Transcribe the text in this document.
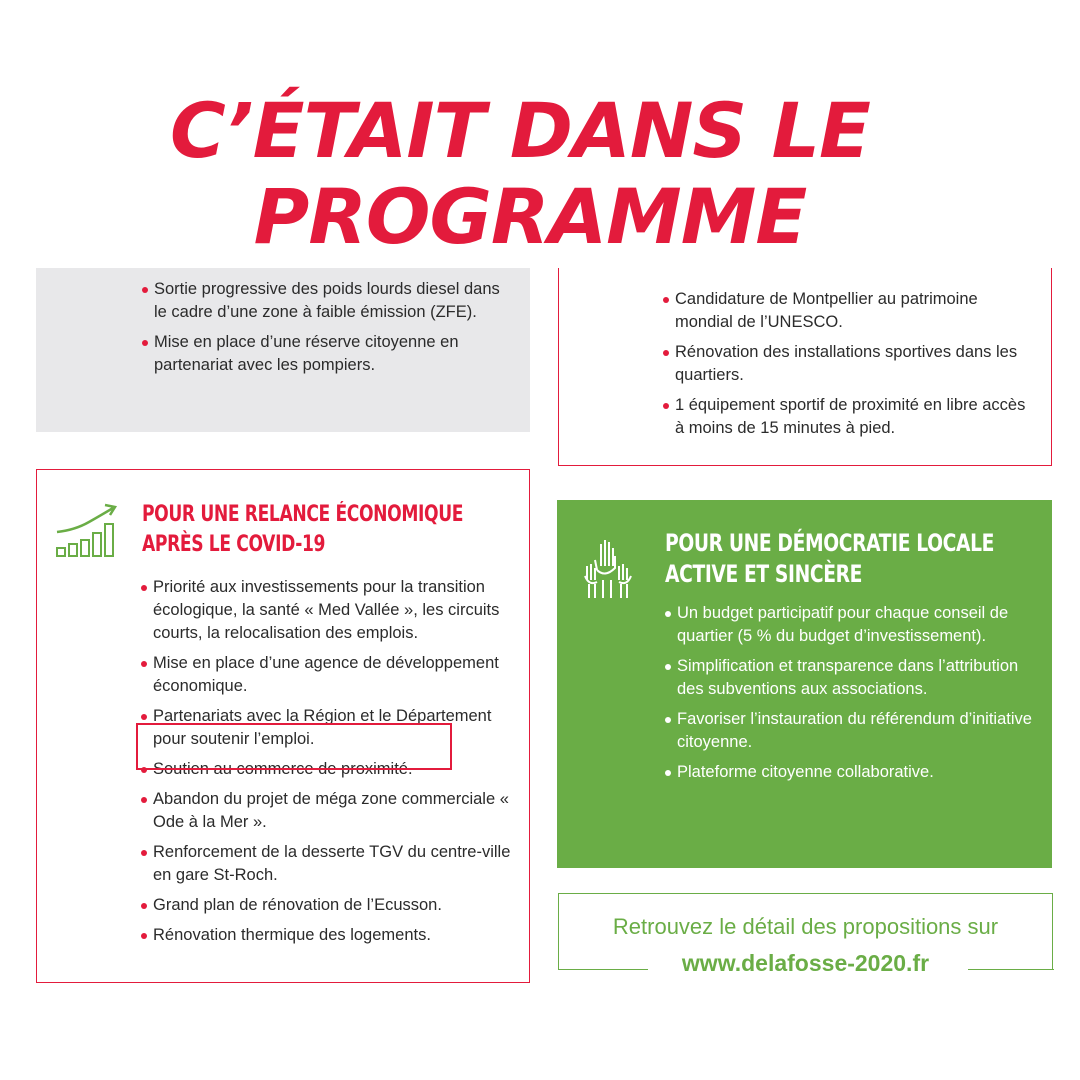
C’ÉTAIT DANS LE
PROGRAMME
Sortie progressive des poids lourds diesel dans le cadre d’une zone à faible émission (ZFE).
Mise en place d’une réserve citoyenne en partenariat avec les pompiers.
Candidature de Montpellier au patrimoine mondial de l’UNESCO.
Rénovation des installations sportives dans les quartiers.
1 équipement sportif de proximité en libre accès à moins de 15 minutes à pied.
POUR UNE RELANCE ÉCONOMIQUE
APRÈS LE COVID-19
Priorité aux investissements pour la transition écologique, la santé « Med Vallée », les circuits courts, la relocalisation des emplois.
Mise en place d’une agence de développement économique.
Partenariats avec la Région et le Département pour soutenir l’emploi.
Soutien au commerce de proximité.
Abandon du projet de méga zone commerciale « Ode à la Mer ».
Renforcement de la desserte TGV du centre-ville en gare St-Roch.
Grand plan de rénovation de l’Ecusson.
Rénovation thermique des logements.
POUR UNE DÉMOCRATIE LOCALE
ACTIVE ET SINCÈRE
Un budget participatif pour chaque conseil de quartier (5 % du budget d’investissement).
Simplification et transparence dans l’attribution des subventions aux associations.
Favoriser l’instauration du référendum d’initiative citoyenne.
Plateforme citoyenne collaborative.
Retrouvez le détail des propositions sur
www.delafosse-2020.fr
